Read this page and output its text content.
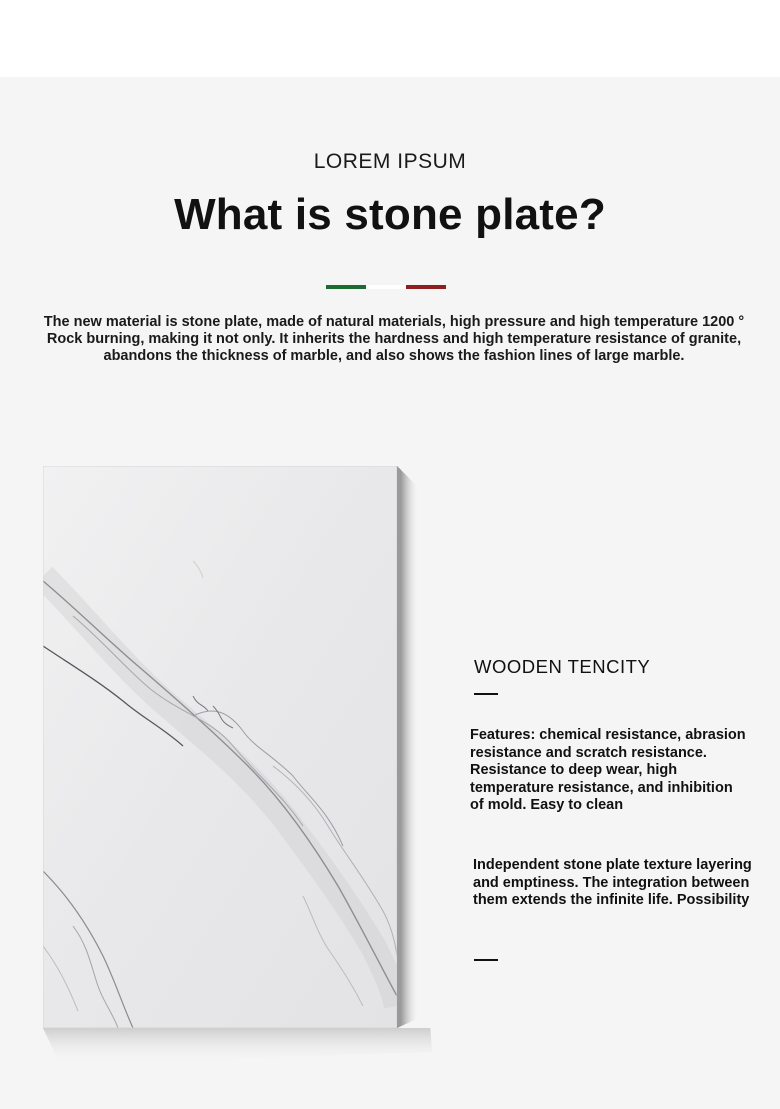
LOREM IPSUM
What is stone plate?
The new material is stone plate, made of natural materials, high pressure and high temperature 1200 ° Rock burning, making it not only. It inherits the hardness and high temperature resistance of granite, abandons the thickness of marble, and also shows the fashion lines of large marble.
WOODEN TENCITY
Features: chemical resistance, abrasion resistance and scratch resistance. Resistance to deep wear, high temperature resistance, and inhibition of mold. Easy to clean
Independent stone plate texture layering and emptiness. The integration between them extends the infinite life. Possibility
